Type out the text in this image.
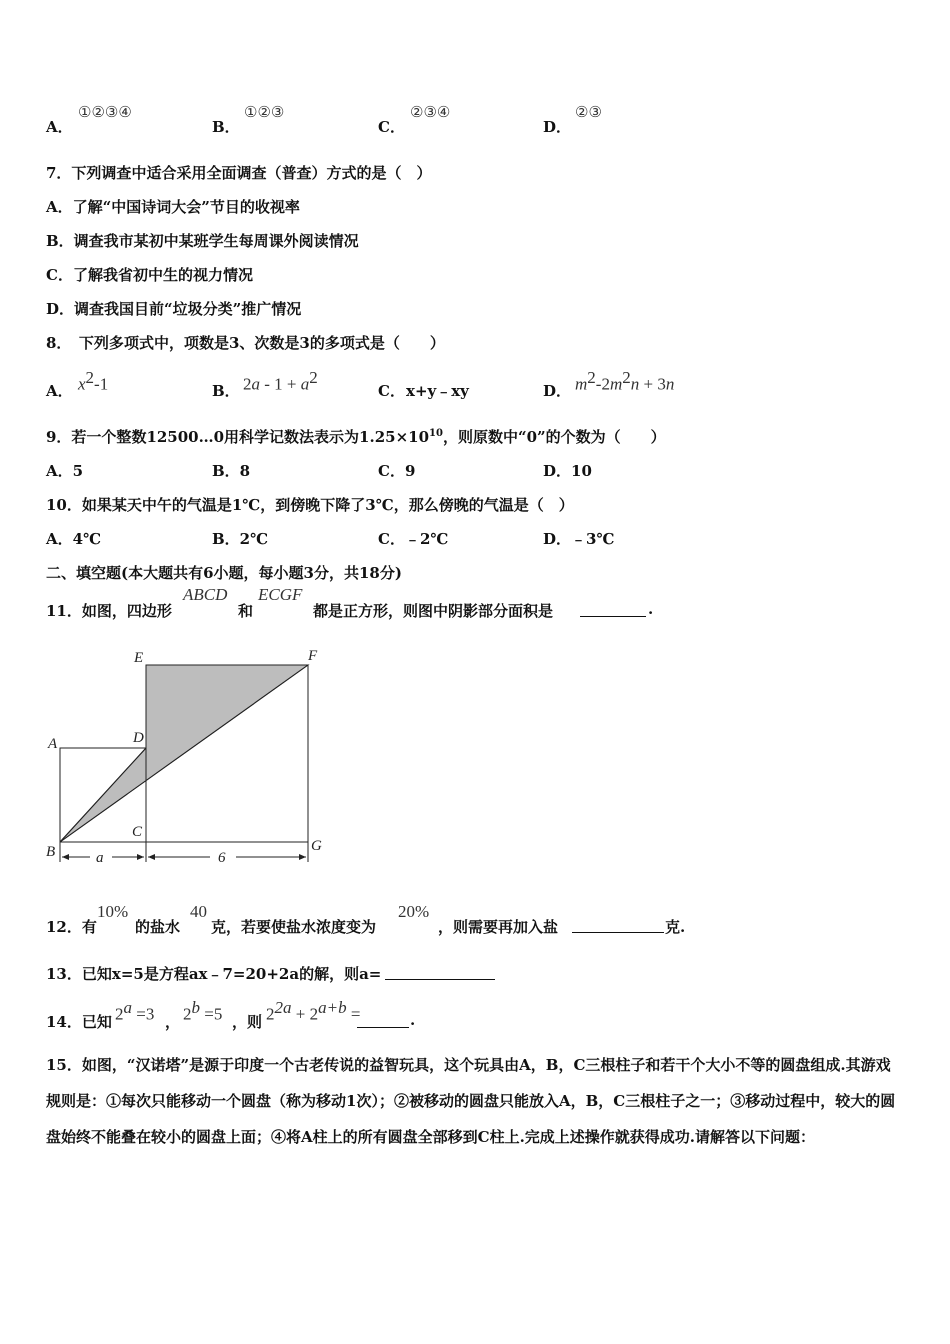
A．
①②③④
B．
①②③
C．
②③④
D．
②③
7．下列调查中适合采用全面调查（普查）方式的是（　）
A．了解“中国诗词大会”节目的收视率
B．调查我市某初中某班学生每周课外阅读情况
C．了解我省初中生的视力情况
D．调查我国目前“垃圾分类”推广情况
8．　下列多项式中，项数是3、次数是3的多项式是（　　）
A． $x^2-1$	B． $2a - 1 + a^2$
C． x+y﹣xy	D． $m^2-2m^2n + 3n$
9．若一个整数12500…0用科学记数法表示为$1.25\times 10^{10}$，则原数中“0”的个数为（　　）
A．5	B．8	C．9	D．10
10．如果某天中午的气温是1℃，到傍晚下降了3℃，那么傍晚的气温是（　）
A．4℃	B．2℃	C．﹣2℃	D．﹣3℃
二、填空题(本大题共有6小题，每小题3分，共18分)
11．如图，四边形
ABCD
和
ECGF
都是正方形，则图中阴影部分面积是	.
E	F
A	D
C
B	G
a	6
12．有
10%
的盐水
40
克，若要使盐水浓度变为
20%
，则需要再加入盐	克.
13．已知x=5是方程ax﹣7=20+2a的解，则a=
14．已知 $2^a =3$ ， $2^b =5$ ，则 $2^{2a} + 2^{a+b}$ =	.
15．如图，“汉诺塔”是源于印度一个古老传说的益智玩具，这个玩具由A，B，C三根柱子和若干个大小不等的圆盘组成.其游戏规则是：①每次只能移动一个圆盘（称为移动1次）；②被移动的圆盘只能放入A，B，C三根柱子之一；③移动过程中，较大的圆盘始终不能叠在较小的圆盘上面；④将A柱上的所有圆盘全部移到C柱上.完成上述操作就获得成功.请解答以下问题：
